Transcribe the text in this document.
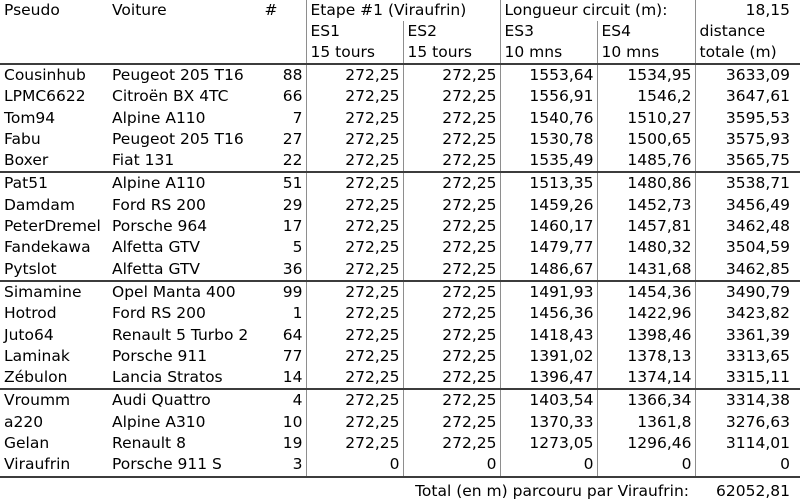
Pseudo	Voiture	#	Etape #1 (Viraufrin)		Longueur circuit (m):		18,15
			ES1	ES2	ES3	ES4	distance
			15 tours	15 tours	10 mns	10 mns	totale (m)
Cousinhub	Peugeot 205 T16	88	272,25	272,25	1553,64	1534,95	3633,09
LPMC6622	Citroën BX 4TC	66	272,25	272,25	1556,91	1546,2	3647,61
Tom94	Alpine A110	7	272,25	272,25	1540,76	1510,27	3595,53
Fabu	Peugeot 205 T16	27	272,25	272,25	1530,78	1500,65	3575,93
Boxer	Fiat 131	22	272,25	272,25	1535,49	1485,76	3565,75
Pat51	Alpine A110	51	272,25	272,25	1513,35	1480,86	3538,71
Damdam	Ford RS 200	29	272,25	272,25	1459,26	1452,73	3456,49
PeterDremel	Porsche 964	17	272,25	272,25	1460,17	1457,81	3462,48
Fandekawa	Alfetta GTV	5	272,25	272,25	1479,77	1480,32	3504,59
Pytslot	Alfetta GTV	36	272,25	272,25	1486,67	1431,68	3462,85
Simamine	Opel Manta 400	99	272,25	272,25	1491,93	1454,36	3490,79
Hotrod	Ford RS 200	1	272,25	272,25	1456,36	1422,96	3423,82
Juto64	Renault 5 Turbo 2	64	272,25	272,25	1418,43	1398,46	3361,39
Laminak	Porsche 911	77	272,25	272,25	1391,02	1378,13	3313,65
Zébulon	Lancia Stratos	14	272,25	272,25	1396,47	1374,14	3315,11
Vroumm	Audi Quattro	4	272,25	272,25	1403,54	1366,34	3314,38
a220	Alpine A310	10	272,25	272,25	1370,33	1361,8	3276,63
Gelan	Renault 8	19	272,25	272,25	1273,05	1296,46	3114,01
Viraufrin	Porsche 911 S	3	0	0	0	0	0
Total (en m) parcouru par Viraufrin:							62052,81
